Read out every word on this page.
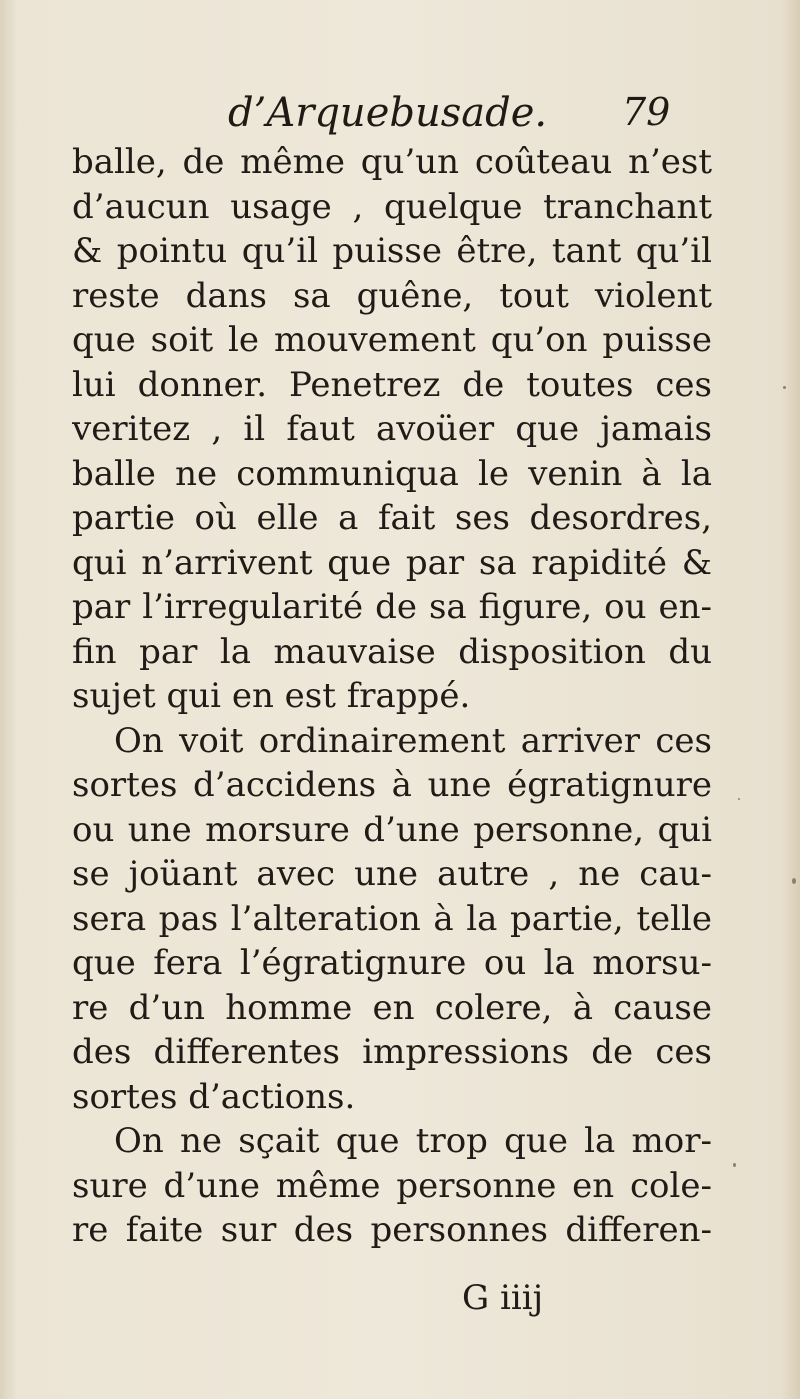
d’Arquebusade. 79
balle, de même qu’un coûteau n’est
d’aucun usage , quelque tranchant
& pointu qu’il puisse être, tant qu’il
reste dans sa guêne, tout violent
que soit le mouvement qu’on puisse
lui donner. Penetrez de toutes ces
veritez , il faut avoüer que jamais
balle ne communiqua le venin à la
partie où elle a fait ses desordres,
qui n’arrivent que par sa rapidité &
par l’irregularité de sa figure, ou en-
fin par la mauvaise disposition du
sujet qui en est frappé.
On voit ordinairement arriver ces
sortes d’accidens à une égratignure
ou une morsure d’une personne, qui
se joüant avec une autre , ne cau-
sera pas l’alteration à la partie, telle
que fera l’égratignure ou la morsu-
re d’un homme en colere, à cause
des differentes impressions de ces
sortes d’actions.
On ne sçait que trop que la mor-
sure d’une même personne en cole-
re faite sur des personnes differen-
G iiij
